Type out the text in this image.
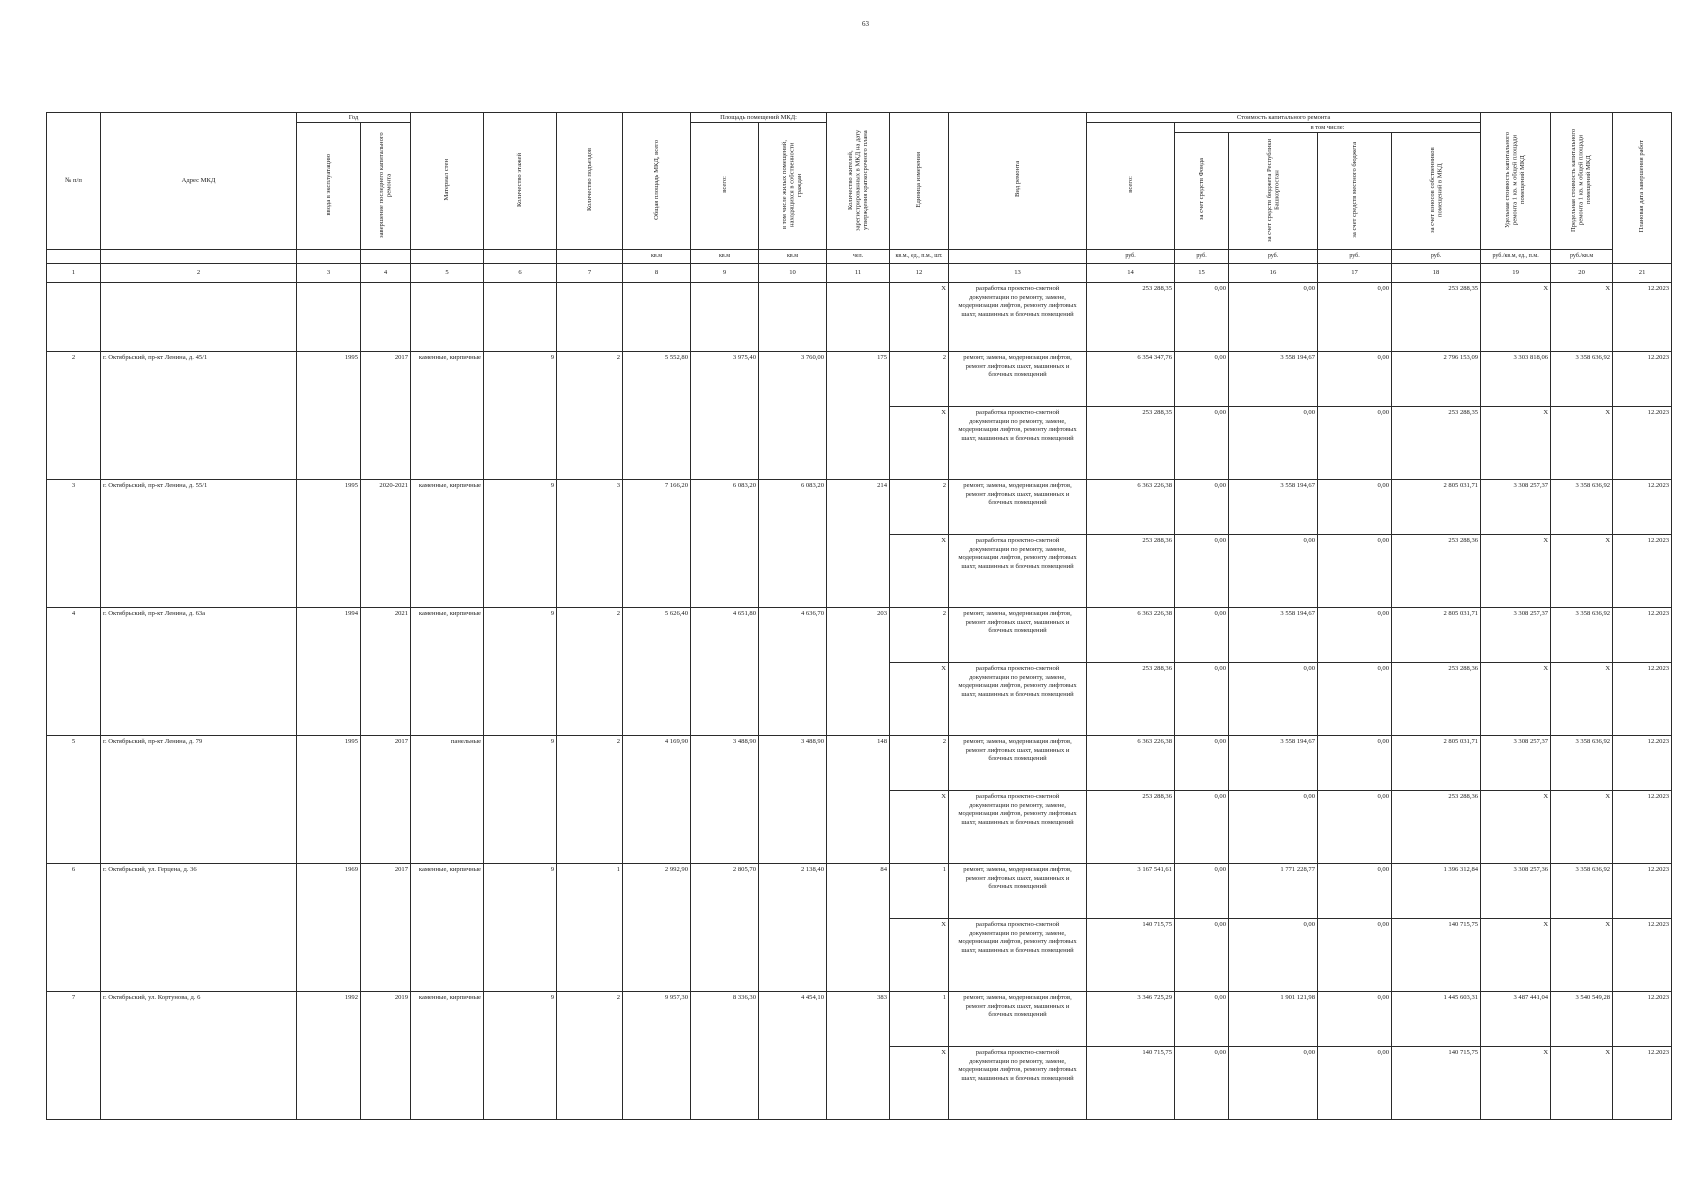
63
№ п/п	Адрес МКД	Год		Материал стен	Количество этажей	Количество подъездов	Общая площадь МКД, всего	Площадь помещений МКД:		Количество жителей, зарегистрированных в МКД на дату утверждения краткосрочного плана	Единица измерения	Вид ремонта	Стоимость капитального ремонта					Удельная стоимость капитального ремонта 1 кв. м общей площади помещений МКД	Предельная стоимость капитального ремонта 1 кв. м общей площади помещений МКД	Плановая дата завершения работ
		ввода в эксплуатацию	завершение последнего капитального ремонта					всего:	в том числе жилых помещений, находящихся в собственности граждан				всего:	в том числе:						
														за счет средств Фонда	за счет средств бюджета Республики Башкортостан	за счет средств местного бюджета	за счет взносов собственников помещений в МКД			
							кв.м	кв.м	кв.м	чел.	кв.м., ед., п.м., шт.		руб.	руб.	руб.	руб.	руб.	руб./кв.м, ед., п.м.	руб./кв.м	
1	2	3	4	5	6	7	8	9	10	11	12	13	14	15	16	17	18	19	20	21
											X	разработка проектно-сметной документации по ремонту, замене, модернизации лифтов, ремонту лифтовых шахт, машинных и блочных помещений	253 288,35	0,00	0,00	0,00	253 288,35	X	X	12.2023
2	г. Октябрьский, пр-кт Ленина, д. 45/1	1995	2017	каменные, кирпичные	9	2	5 552,80	3 975,40	3 760,00	175	2	ремонт, замена, модернизация лифтов, ремонт лифтовых шахт, машинных и блочных помещений	6 354 347,76	0,00	3 558 194,67	0,00	2 796 153,09	3 303 818,06	3 358 636,92	12.2023
											X	разработка проектно-сметной документации по ремонту, замене, модернизации лифтов, ремонту лифтовых шахт, машинных и блочных помещений	253 288,35	0,00	0,00	0,00	253 288,35	X	X	12.2023
3	г. Октябрьский, пр-кт Ленина, д. 55/1	1995	2020-2021	каменные, кирпичные	9	3	7 166,20	6 083,20	6 083,20	214	2	ремонт, замена, модернизация лифтов, ремонт лифтовых шахт, машинных и блочных помещений	6 363 226,38	0,00	3 558 194,67	0,00	2 805 031,71	3 308 257,37	3 358 636,92	12.2023
											X	разработка проектно-сметной документации по ремонту, замене, модернизации лифтов, ремонту лифтовых шахт, машинных и блочных помещений	253 288,36	0,00	0,00	0,00	253 288,36	X	X	12.2023
4	г. Октябрьский, пр-кт Ленина, д. 63а	1994	2021	каменные, кирпичные	9	2	5 626,40	4 651,80	4 636,70	203	2	ремонт, замена, модернизация лифтов, ремонт лифтовых шахт, машинных и блочных помещений	6 363 226,38	0,00	3 558 194,67	0,00	2 805 031,71	3 308 257,37	3 358 636,92	12.2023
											X	разработка проектно-сметной документации по ремонту, замене, модернизации лифтов, ремонту лифтовых шахт, машинных и блочных помещений	253 288,36	0,00	0,00	0,00	253 288,36	X	X	12.2023
5	г. Октябрьский, пр-кт Ленина, д. 79	1995	2017	панельные	9	2	4 169,90	3 488,90	3 488,90	148	2	ремонт, замена, модернизация лифтов, ремонт лифтовых шахт, машинных и блочных помещений	6 363 226,38	0,00	3 558 194,67	0,00	2 805 031,71	3 308 257,37	3 358 636,92	12.2023
											X	разработка проектно-сметной документации по ремонту, замене, модернизации лифтов, ремонту лифтовых шахт, машинных и блочных помещений	253 288,36	0,00	0,00	0,00	253 288,36	X	X	12.2023
6	г. Октябрьский, ул. Герцена, д. 36	1969	2017	каменные, кирпичные	9	1	2 992,90	2 805,70	2 138,40	84	1	ремонт, замена, модернизация лифтов, ремонт лифтовых шахт, машинных и блочных помещений	3 167 541,61	0,00	1 771 228,77	0,00	1 396 312,84	3 308 257,36	3 358 636,92	12.2023
											X	разработка проектно-сметной документации по ремонту, замене, модернизации лифтов, ремонту лифтовых шахт, машинных и блочных помещений	140 715,75	0,00	0,00	0,00	140 715,75	X	X	12.2023
7	г. Октябрьский, ул. Кортунова, д. 6	1992	2019	каменные, кирпичные	9	2	9 957,30	8 336,30	4 454,10	383	1	ремонт, замена, модернизация лифтов, ремонт лифтовых шахт, машинных и блочных помещений	3 346 725,29	0,00	1 901 121,98	0,00	1 445 603,31	3 487 441,04	3 540 549,28	12.2023
											X	разработка проектно-сметной документации по ремонту, замене, модернизации лифтов, ремонту лифтовых шахт, машинных и блочных помещений	140 715,75	0,00	0,00	0,00	140 715,75	X	X	12.2023
